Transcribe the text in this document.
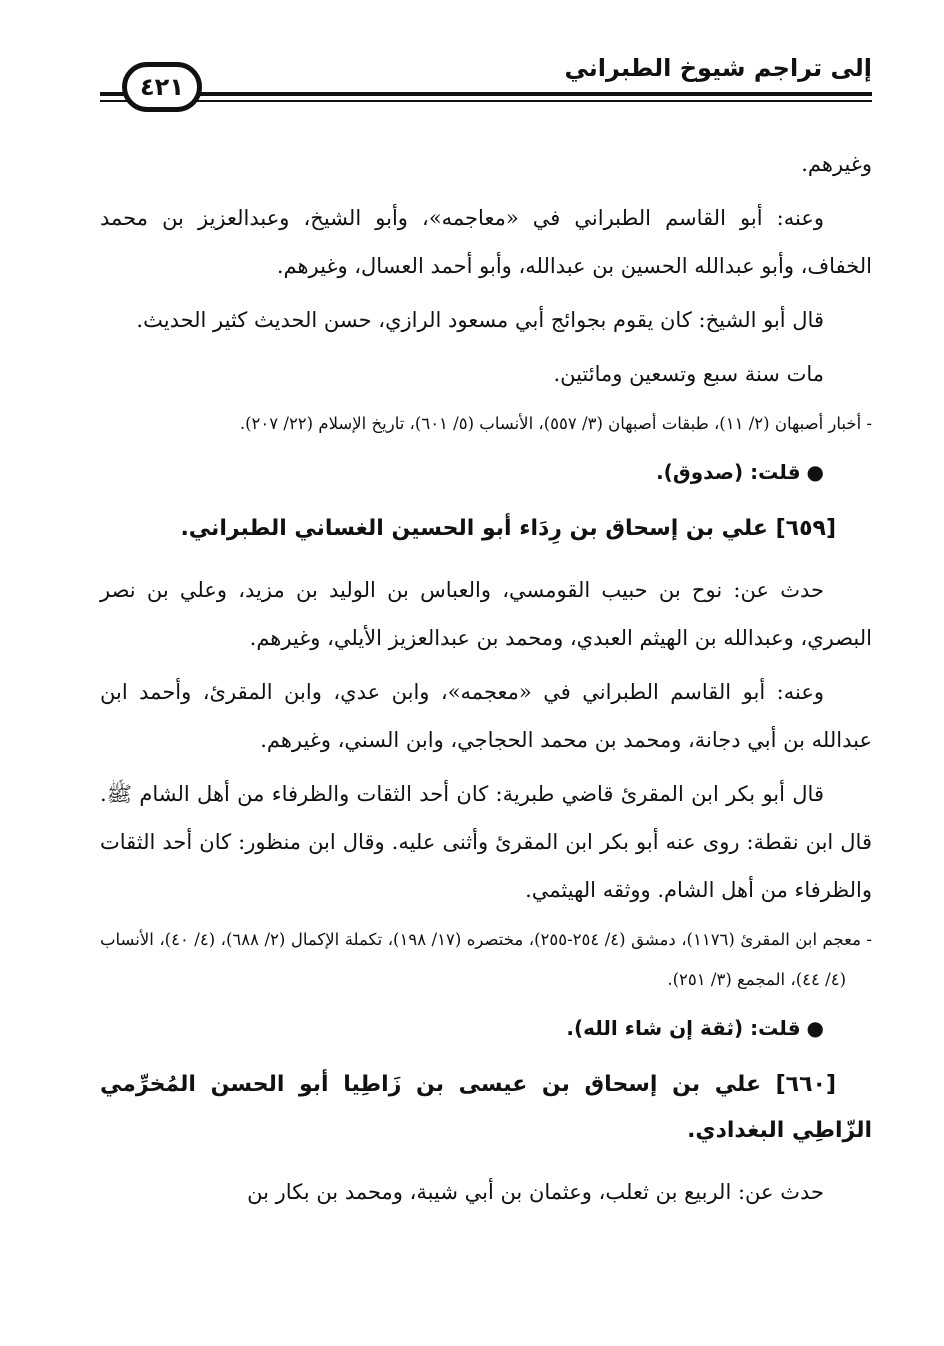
إلى تراجم شيوخ الطبراني
٤٢١

وغيرهم.

وعنه: أبو القاسم الطبراني في «معاجمه»، وأبو الشيخ، وعبدالعزيز بن محمد الخفاف، وأبو عبدالله الحسين بن عبدالله، وأبو أحمد العسال، وغيرهم.

قال أبو الشيخ: كان يقوم بجوائج أبي مسعود الرازي، حسن الحديث كثير الحديث.

مات سنة سبع وتسعين ومائتين.

- أخبار أصبهان (٢/ ١١)، طبقات أصبهان (٣/ ٥٥٧)، الأنساب (٥/ ٦٠١)، تاريخ الإسلام (٢٢/ ٢٠٧).

●قلت: (صدوق).

[٦٥٩] علي بن إسحاق بن رِدَاء أبو الحسين الغساني الطبراني.

حدث عن: نوح بن حبيب القومسي، والعباس بن الوليد بن مزيد، وعلي بن نصر البصري، وعبدالله بن الهيثم العبدي، ومحمد بن عبدالعزيز الأيلي، وغيرهم.

وعنه: أبو القاسم الطبراني في «معجمه»، وابن عدي، وابن المقرئ، وأحمد ابن عبدالله بن أبي دجانة، ومحمد بن محمد الحجاجي، وابن السني، وغيرهم.

قال أبو بكر ابن المقرئ قاضي طبرية: كان أحد الثقات والظرفاء من أهل الشام ﷺ. قال ابن نقطة: روى عنه أبو بكر ابن المقرئ وأثنى عليه. وقال ابن منظور: كان أحد الثقات والظرفاء من أهل الشام. ووثقه الهيثمي.

- معجم ابن المقرئ (١١٧٦)، دمشق (٤/ ٢٥٤-٢٥٥)، مختصره (١٧/ ١٩٨)، تكملة الإكمال (٢/ ٦٨٨)، (٤/ ٤٠)، الأنساب (٤/ ٤٤)، المجمع (٣/ ٢٥١).

●قلت: (ثقة إن شاء الله).

[٦٦٠] علي بن إسحاق بن عيسى بن زَاطِيا أبو الحسن المُخرِّمي الزّاطِي البغدادي.

حدث عن: الربيع بن ثعلب، وعثمان بن أبي شيبة، ومحمد بن بكار بن
